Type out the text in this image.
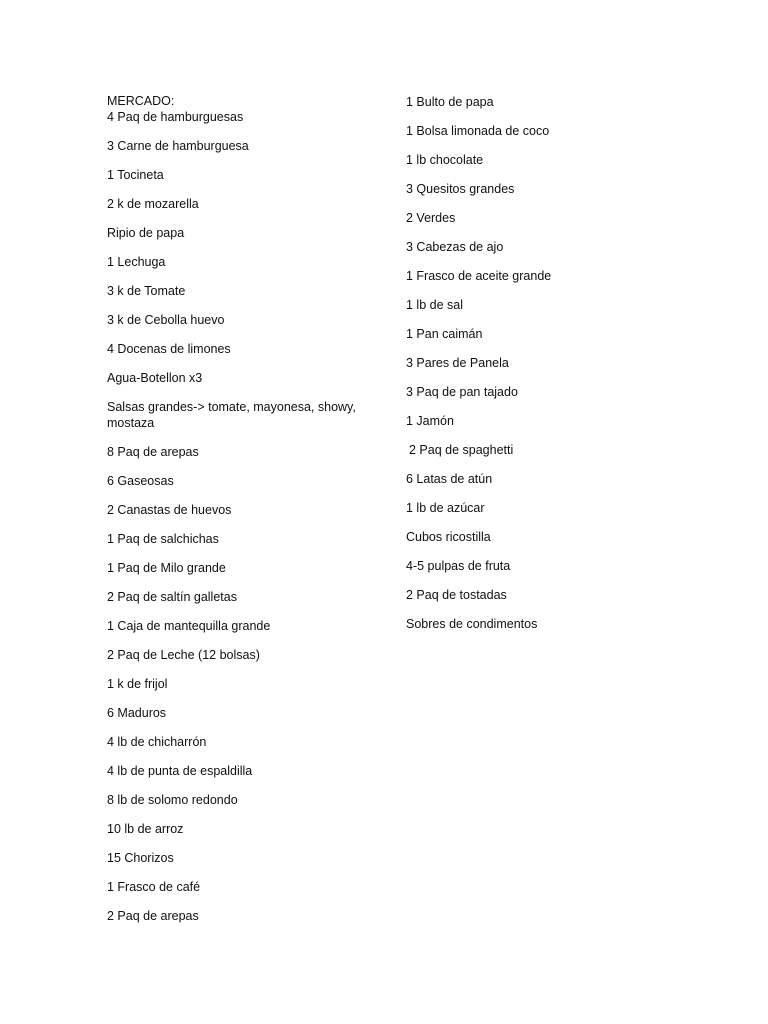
MERCADO:
4 Paq de hamburguesas
3 Carne de hamburguesa
1 Tocineta
2 k de mozarella
Ripio de papa
1 Lechuga
3 k de Tomate
3 k de Cebolla huevo
4 Docenas de limones
Agua-Botellon x3
Salsas grandes-> tomate, mayonesa, showy, mostaza
8 Paq de arepas
6 Gaseosas
2 Canastas de huevos
1 Paq de salchichas
1 Paq de Milo grande
2 Paq de saltín galletas
1 Caja de mantequilla grande
2 Paq de Leche (12 bolsas)
1 k de frijol
6 Maduros
4 lb de chicharrón
4 lb de punta de espaldilla
8 lb de solomo redondo
10 lb de arroz
15 Chorizos
1 Frasco de café
2 Paq de arepas
1 Bulto de papa
1 Bolsa limonada de coco
1 lb chocolate
3 Quesitos grandes
2 Verdes
3 Cabezas de ajo
1 Frasco de aceite grande
1 lb de sal
1 Pan caimán
3 Pares de Panela
3 Paq de pan tajado
1 Jamón
2 Paq de spaghetti
6 Latas de atún
1 lb de azúcar
Cubos ricostilla
4-5 pulpas de fruta
2 Paq de tostadas
Sobres de condimentos
